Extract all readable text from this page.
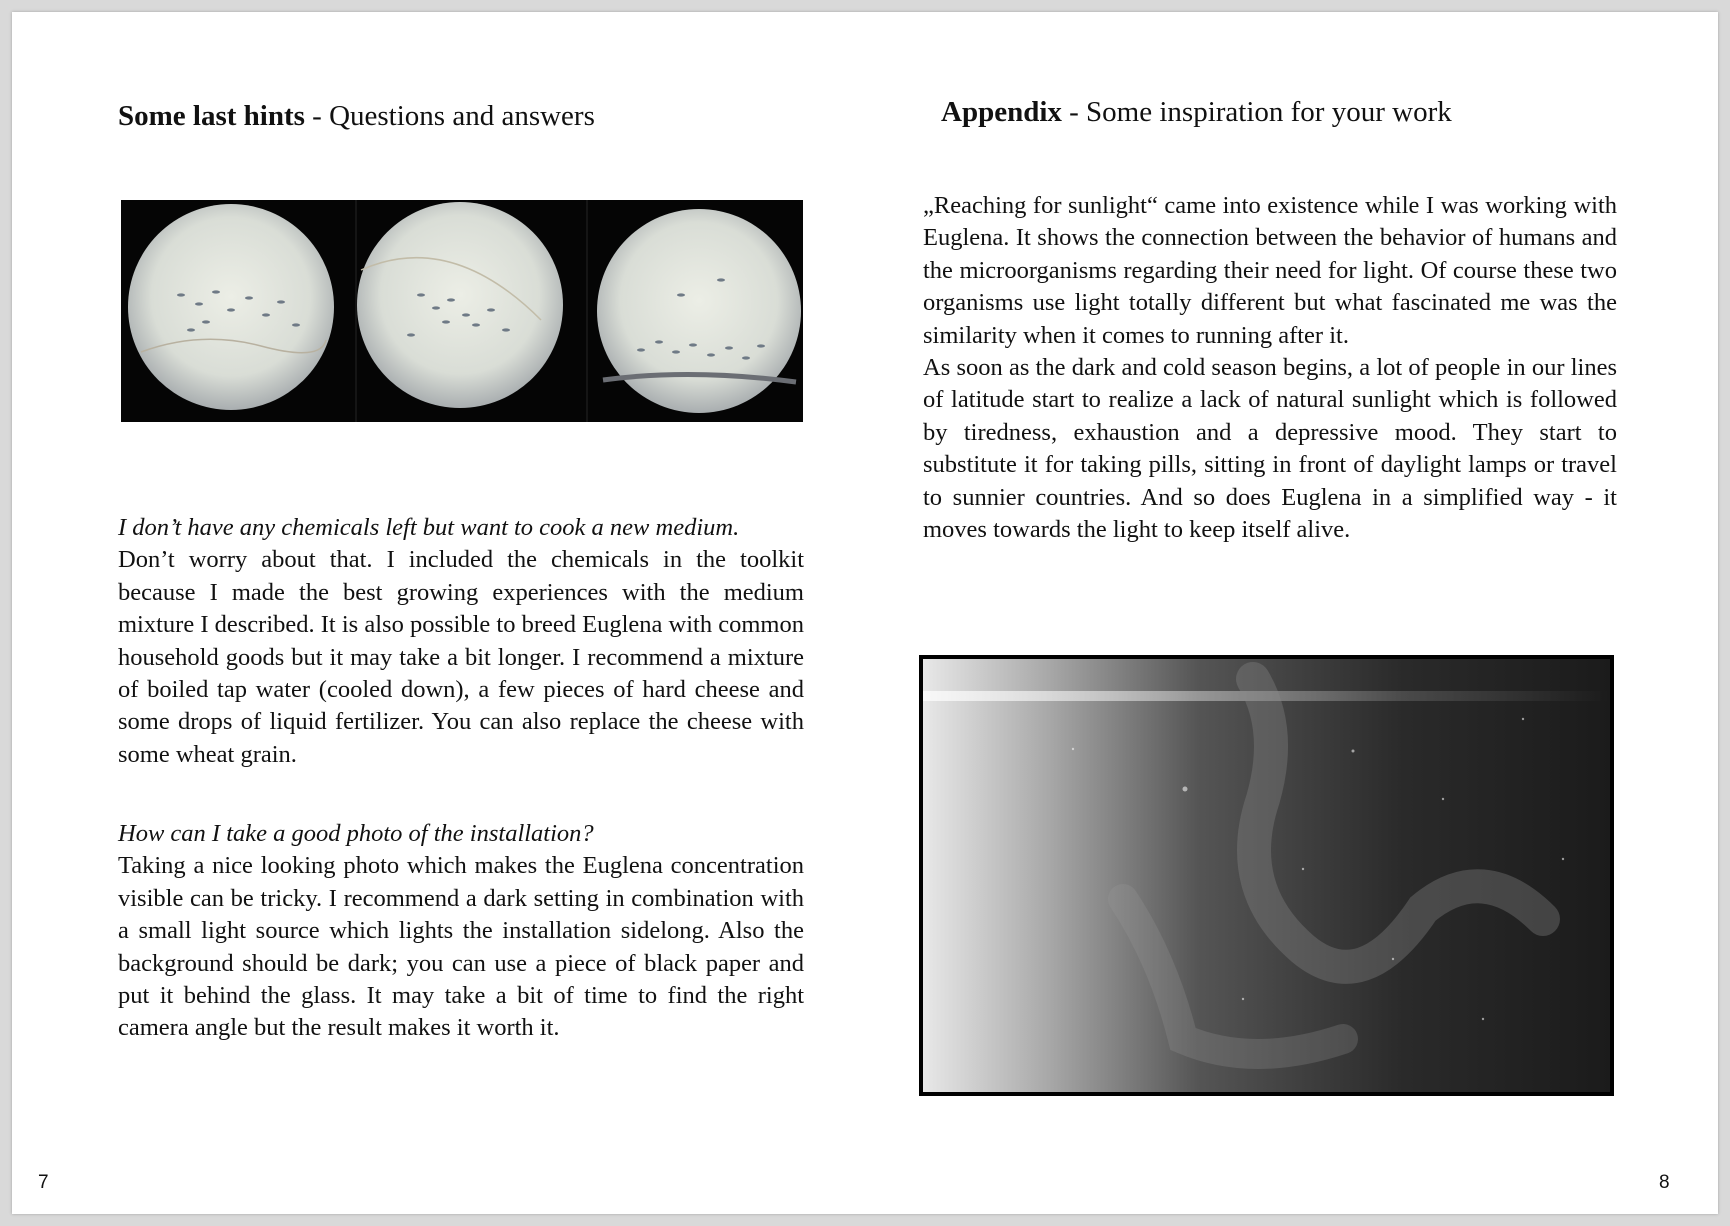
Some last hints - Questions and answers
I don’t have any chemicals left but want to cook a new medium.

Don’t worry about that. I included the chemicals in the toolkit because I made the best growing experiences with the medium mixture I described. It is also possible to breed Euglena with common household goods but it may take a bit longer. I recommend a mixture of boiled tap water (cooled down), a few pieces of hard cheese and some drops of liquid fertilizer. You can also replace the cheese with some wheat grain.

How can I take a good photo of the installation?

Taking a nice looking photo which makes the Euglena concentration visible can be tricky. I recommend a dark setting in combination with a small light source which lights the installation sidelong. Also the background should be dark; you can use a piece of black paper and put it behind the glass. It may take a bit of time to find the right camera angle but the result makes it worth it.

7
Appendix - Some inspiration for your work

„Reaching for sunlight“ came into existence while I was working with Euglena. It shows the connection between the behavior of humans and the microorganisms regarding their need for light. Of course these two organisms use light totally different but what fascinated me was the similarity when it comes to running after it.

As soon as the dark and cold season begins, a lot of people in our lines of latitude start to realize a lack of natural sunlight which is followed by tiredness, exhaustion and a depressive mood. They start to substitute it for taking pills, sitting in front of daylight lamps or travel to sunnier countries. And so does Euglena in a simplified way - it moves towards the light to keep itself alive.

8
